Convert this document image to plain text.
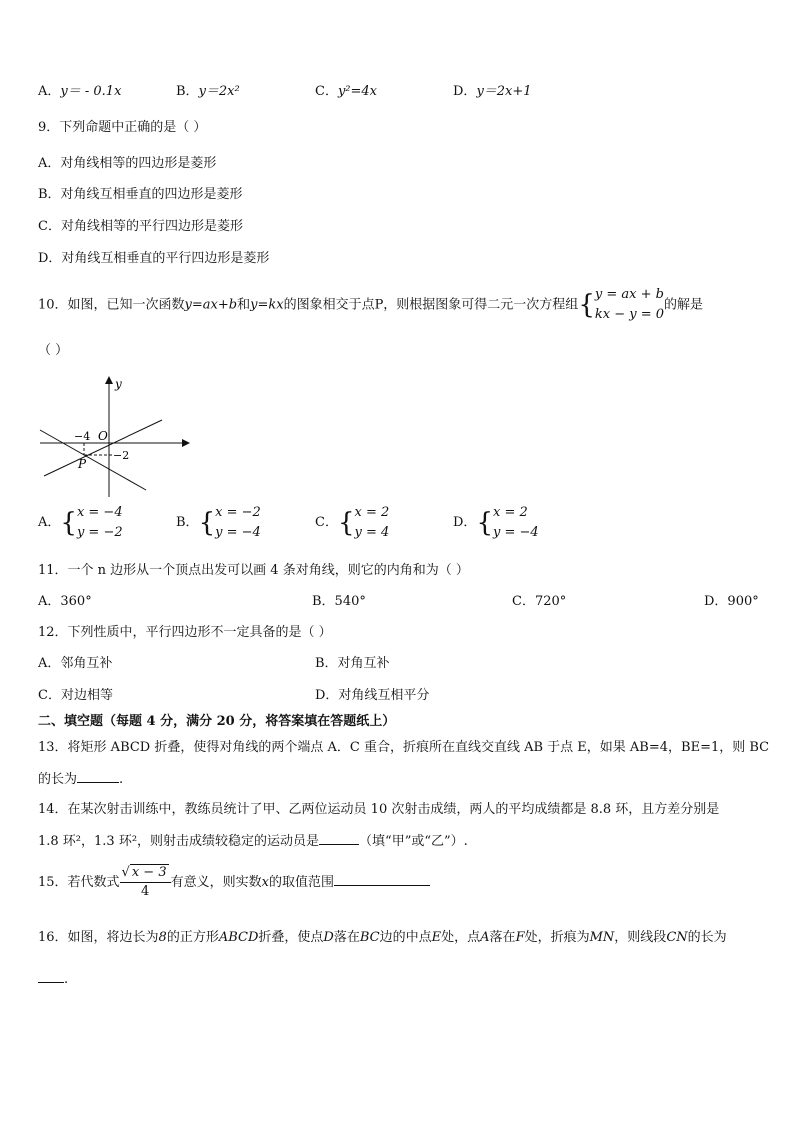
A．y＝ - 0.1x	B．y＝2x²	C．y²=4x	D．y＝2x+1
9．下列命题中正确的是（ ）
A．对角线相等的四边形是菱形
B．对角线互相垂直的四边形是菱形
C．对角线相等的平行四边形是菱形
D．对角线互相垂直的平行四边形是菱形
10．如图，已知一次函数y=ax+b和y=kx的图象相交于点P，则根据图象可得二元一次方程组{ y = ax + b
kx − y = 0
的解是
（ ）
y
O
−4
−2
P
A．{ x = −4
y = −2
B．{ x = −2
y = −4
C．{ x = 2
y = 4
D．{ x = 2
y = −4
11．一个 n 边形从一个顶点出发可以画 4 条对角线，则它的内角和为（ ）
A．360°	B．540°	C．720°	D．900°
12．下列性质中，平行四边形不一定具备的是（ ）
A．邻角互补	B．对角互补
C．对边相等	D．对角线互相平分
二、填空题（每题 4 分，满分 20 分，将答案填在答题纸上）
13．将矩形 ABCD 折叠，使得对角线的两个端点 A．C 重合，折痕所在直线交直线 AB 于点 E，如果 AB=4，BE=1，则 BC
的长为	.
14．在某次射击训练中，教练员统计了甲、乙两位运动员 10 次射击成绩，两人的平均成绩都是 8.8 环，且方差分别是
1.8 环²，1.3 环²，则射击成绩较稳定的运动员是	（填“甲”或“乙”）.
15．若代数式 $\frac{√ x - 3}{4}$ 有意义，则实数x的取值范围
16．如图，将边长为8的正方形ABCD折叠，使点D落在BC边的中点E处，点A落在F处，折痕为MN，则线段CN的长为
.
